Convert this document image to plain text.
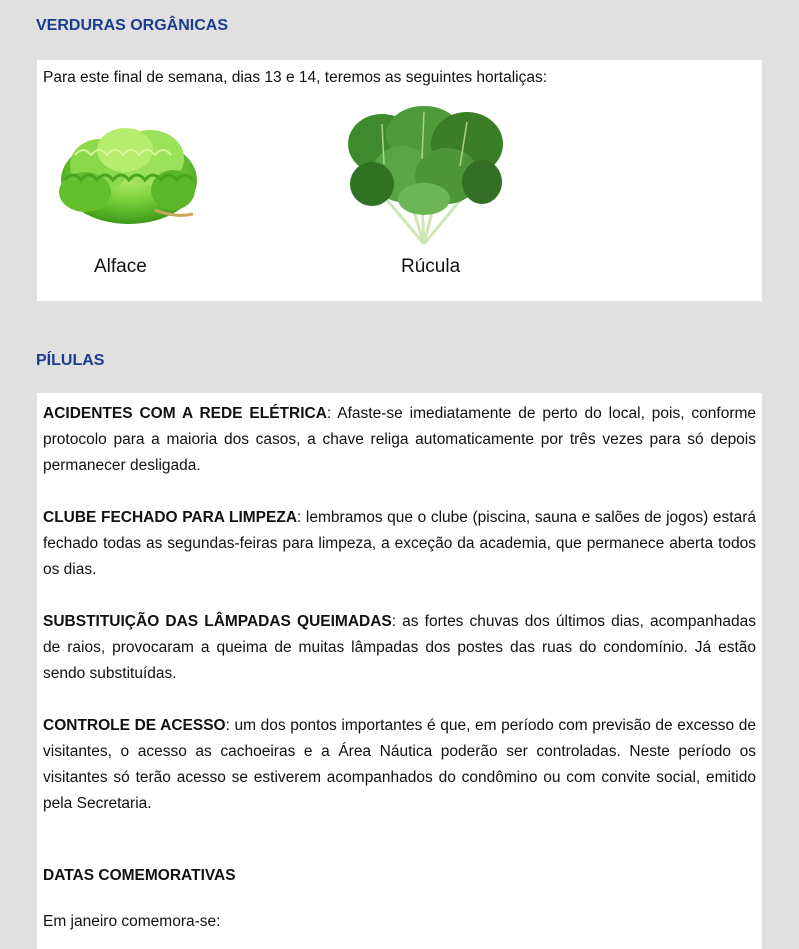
VERDURAS ORGÂNICAS

Para este final de semana, dias 13 e 14, teremos as seguintes hortaliças:

Alface	Rúcula
PÍLULAS

ACIDENTES COM A REDE ELÉTRICA: Afaste-se imediatamente de perto do local, pois, conforme protocolo para a maioria dos casos, a chave religa automaticamente por três vezes para só depois permanecer desligada.

CLUBE FECHADO PARA LIMPEZA: lembramos que o clube (piscina, sauna e salões de jogos) estará fechado todas as segundas-feiras para limpeza, a exceção da academia, que permanece aberta todos os dias.

SUBSTITUIÇÃO DAS LÂMPADAS QUEIMADAS: as fortes chuvas dos últimos dias, acompanhadas de raios, provocaram a queima de muitas lâmpadas dos postes das ruas do condomínio. Já estão sendo substituídas.

CONTROLE DE ACESSO: um dos pontos importantes é que, em período com previsão de excesso de visitantes, o acesso as cachoeiras e a Área Náutica poderão ser controladas. Neste período os visitantes só terão acesso se estiverem acompanhados do condômino ou com convite social, emitido pela Secretaria.

DATAS COMEMORATIVAS

Em janeiro comemora-se:
